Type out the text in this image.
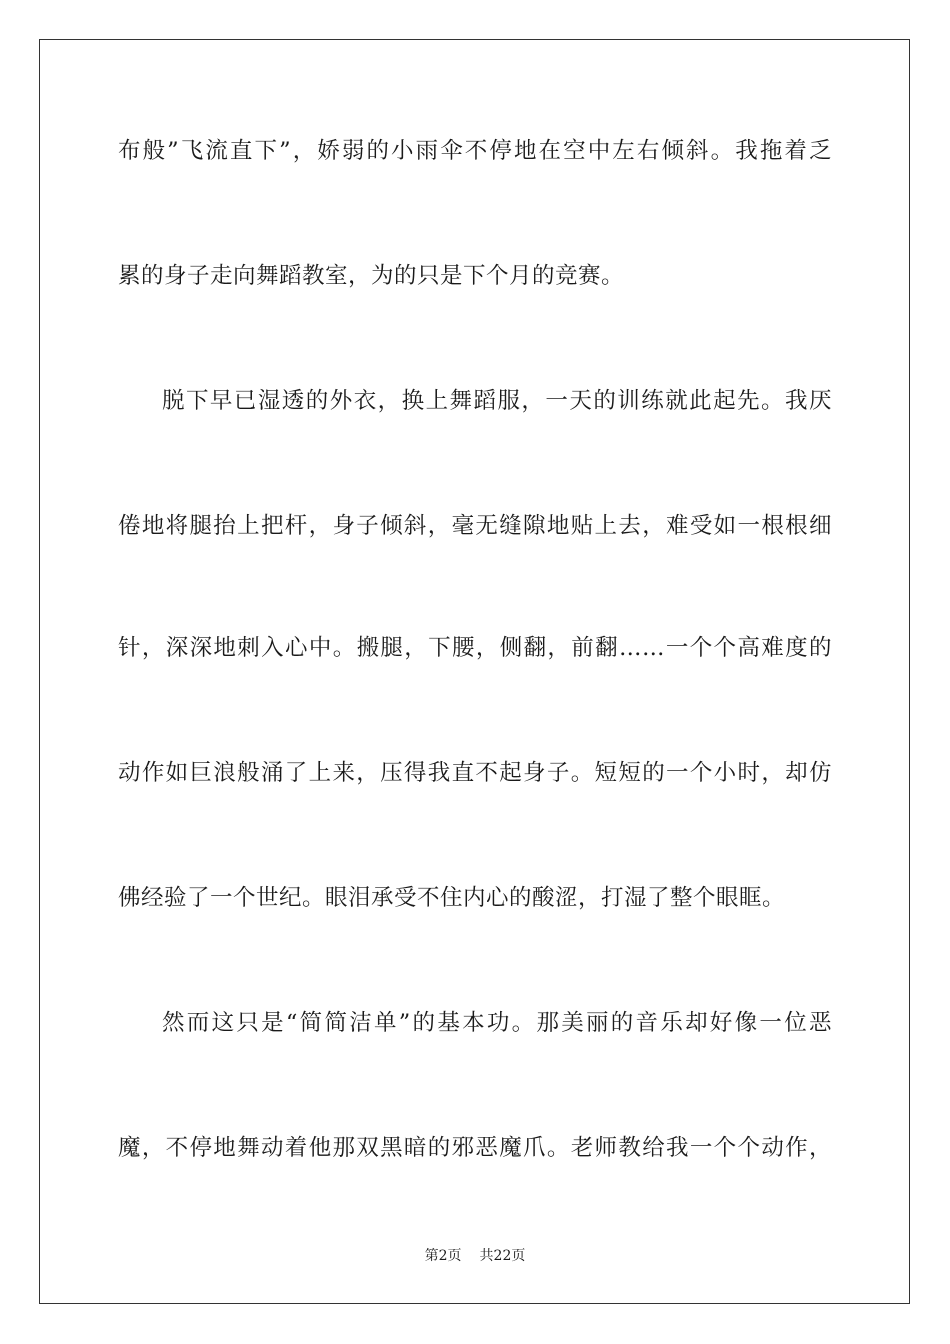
布般”飞流直下”，娇弱的小雨伞不停地在空中左右倾斜。我拖着乏
累的身子走向舞蹈教室，为的只是下个月的竞赛。
脱下早已湿透的外衣，换上舞蹈服，一天的训练就此起先。我厌
倦地将腿抬上把杆，身子倾斜，毫无缝隙地贴上去，难受如一根根细
针，深深地刺入心中。搬腿，下腰，侧翻，前翻……一个个高难度的
动作如巨浪般涌了上来，压得我直不起身子。短短的一个小时，却仿
佛经验了一个世纪。眼泪承受不住内心的酸涩，打湿了整个眼眶。
然而这只是“简简洁单”的基本功。那美丽的音乐却好像一位恶
魔，不停地舞动着他那双黑暗的邪恶魔爪。老师教给我一个个动作，
第2页 共22页
